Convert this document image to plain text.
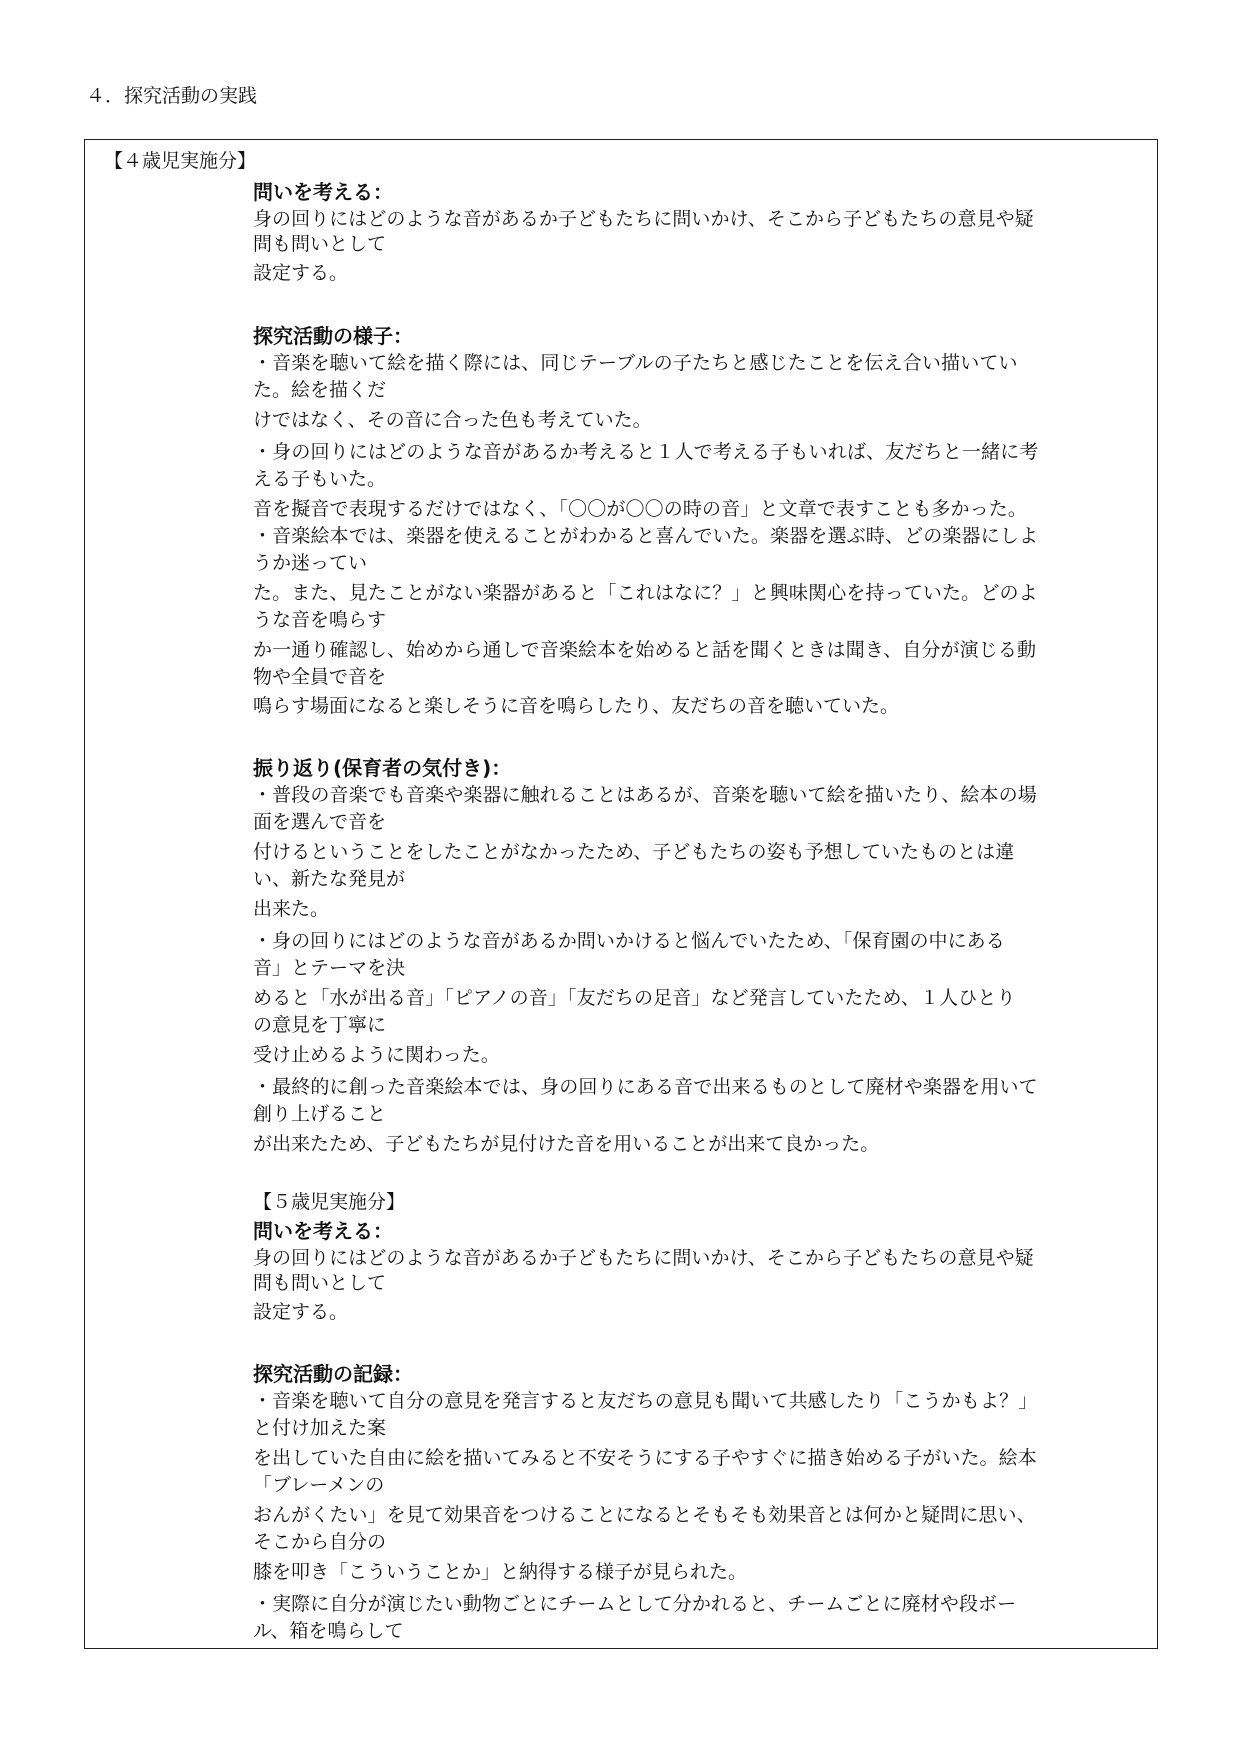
４．探究活動の実践
【４歳児実施分】
問いを考える：
身の回りにはどのような音があるか子どもたちに問いかけ、そこから子どもたちの意見や疑
問も問いとして
設定する。
探究活動の様子：
・音楽を聴いて絵を描く際には、同じテーブルの子たちと感じたことを伝え合い描いてい
た。絵を描くだ
けではなく、その音に合った色も考えていた。
・身の回りにはどのような音があるか考えると１人で考える子もいれば、友だちと一緒に考
える子もいた。
音を擬音で表現するだけではなく、「〇〇が〇〇の時の音」と文章で表すことも多かった。
・音楽絵本では、楽器を使えることがわかると喜んでいた。楽器を選ぶ時、どの楽器にしよ
うか迷ってい
た。また、見たことがない楽器があると「これはなに？」と興味関心を持っていた。どのよ
うな音を鳴らす
か一通り確認し、始めから通しで音楽絵本を始めると話を聞くときは聞き、自分が演じる動
物や全員で音を
鳴らす場面になると楽しそうに音を鳴らしたり、友だちの音を聴いていた。
振り返り(保育者の気付き)：
・普段の音楽でも音楽や楽器に触れることはあるが、音楽を聴いて絵を描いたり、絵本の場
面を選んで音を
付けるということをしたことがなかったため、子どもたちの姿も予想していたものとは違
い、新たな発見が
出来た。
・身の回りにはどのような音があるか問いかけると悩んでいたため、「保育園の中にある
音」とテーマを決
めると「水が出る音」「ピアノの音」「友だちの足音」など発言していたため、１人ひとり
の意見を丁寧に
受け止めるように関わった。
・最終的に創った音楽絵本では、身の回りにある音で出来るものとして廃材や楽器を用いて
創り上げること
が出来たため、子どもたちが見付けた音を用いることが出来て良かった。
【５歳児実施分】
問いを考える：
身の回りにはどのような音があるか子どもたちに問いかけ、そこから子どもたちの意見や疑
問も問いとして
設定する。
探究活動の記録：
・音楽を聴いて自分の意見を発言すると友だちの意見も聞いて共感したり「こうかもよ？」
と付け加えた案
を出していた自由に絵を描いてみると不安そうにする子やすぐに描き始める子がいた。絵本
「ブレーメンの
おんがくたい」を見て効果音をつけることになるとそもそも効果音とは何かと疑問に思い、
そこから自分の
膝を叩き「こういうことか」と納得する様子が見られた。
・実際に自分が演じたい動物ごとにチームとして分かれると、チームごとに廃材や段ボー
ル、箱を鳴らして
